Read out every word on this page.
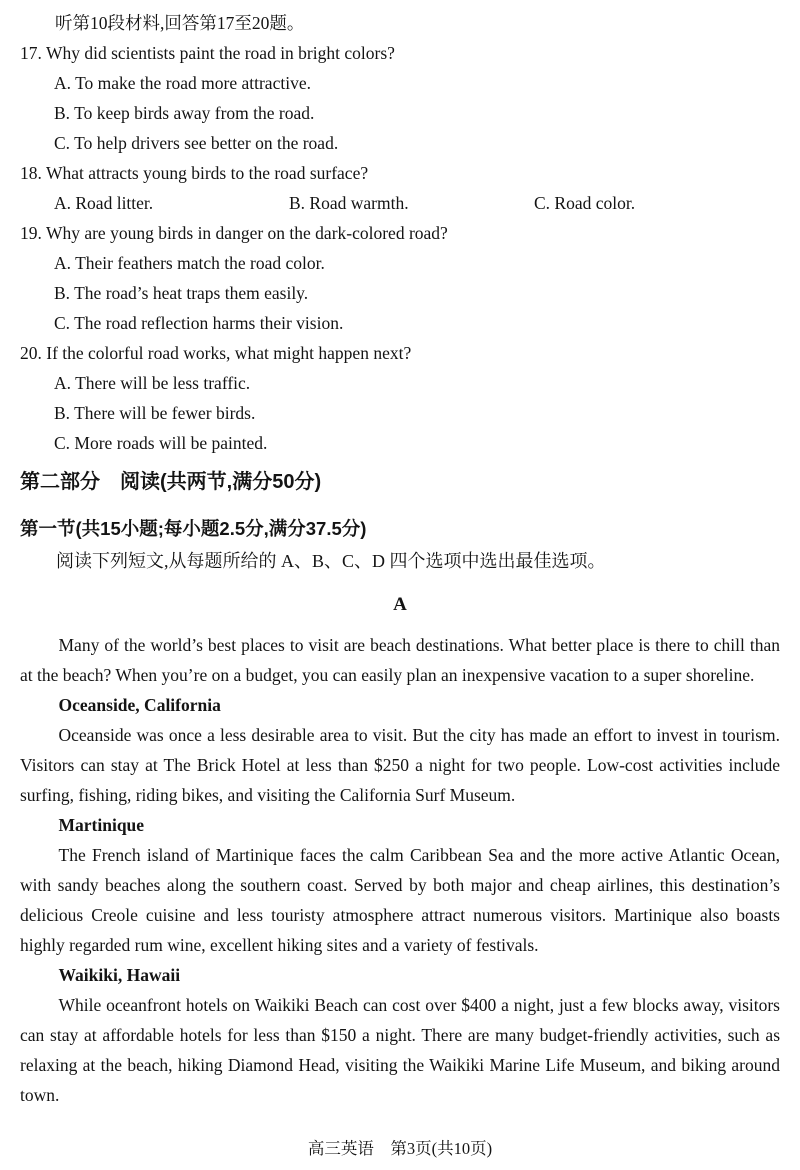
听第10段材料,回答第17至20题。

17. Why did scientists paint the road in bright colors?

A. To make the road more attractive.

B. To keep birds away from the road.

C. To help drivers see better on the road.

18. What attracts young birds to the road surface?

A. Road litter.	B. Road warmth.	C. Road color.

19. Why are young birds in danger on the dark-colored road?

A. Their feathers match the road color.

B. The road’s heat traps them easily.

C. The road reflection harms their vision.

20. If the colorful road works, what might happen next?

A. There will be less traffic.

B. There will be fewer birds.

C. More roads will be painted.

第二部分　阅读(共两节,满分50分)
第一节(共15小题;每小题2.5分,满分37.5分)

阅读下列短文,从每题所给的 A、B、C、D 四个选项中选出最佳选项。

A

Many of the world’s best places to visit are beach destinations. What better place is there to chill than at the beach? When you’re on a budget, you can easily plan an inexpensive vacation to a super shoreline.

Oceanside, California

Oceanside was once a less desirable area to visit. But the city has made an effort to invest in tourism. Visitors can stay at The Brick Hotel at less than $250 a night for two people. Low-cost activities include surfing, fishing, riding bikes, and visiting the California Surf Museum.

Martinique

The French island of Martinique faces the calm Caribbean Sea and the more active Atlantic Ocean, with sandy beaches along the southern coast. Served by both major and cheap airlines, this destination’s delicious Creole cuisine and less touristy atmosphere attract numerous visitors. Martinique also boasts highly regarded rum wine, excellent hiking sites and a variety of festivals.

Waikiki, Hawaii

While oceanfront hotels on Waikiki Beach can cost over $400 a night, just a few blocks away, visitors can stay at affordable hotels for less than $150 a night. There are many budget-friendly activities, such as relaxing at the beach, hiking Diamond Head, visiting the Waikiki Marine Life Museum, and biking around town.

高三英语　第3页(共10页)
